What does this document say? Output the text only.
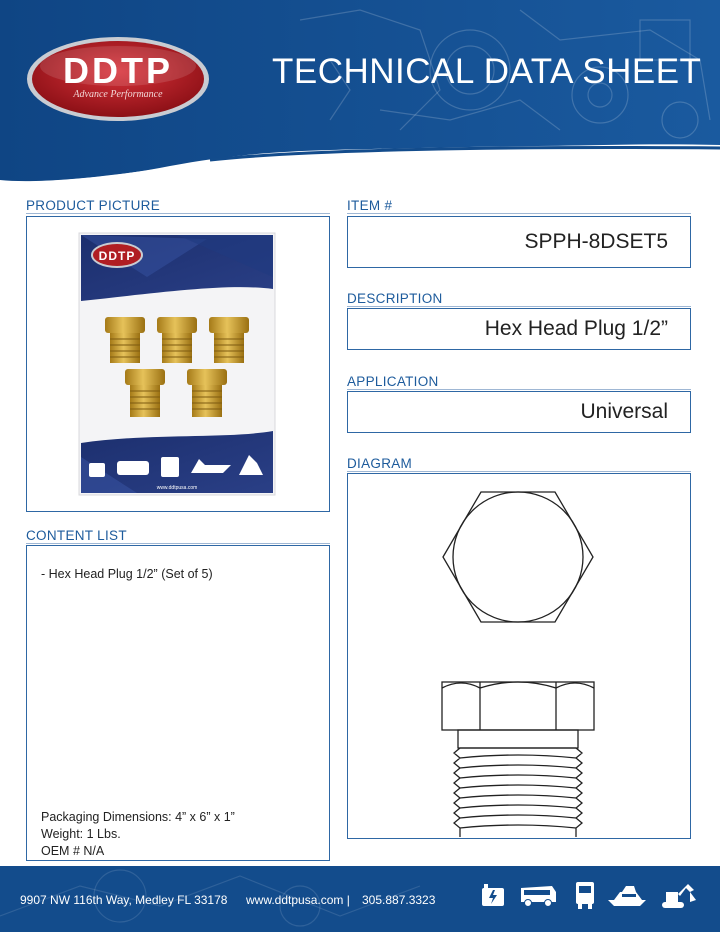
DDTP
Advance Performance
TECHNICAL DATA SHEET
PRODUCT PICTURE
DDTP
www.ddtpusa.com
ITEM #
SPPH-8DSET5
DESCRIPTION
Hex Head Plug 1/2”
APPLICATION
Universal
DIAGRAM
CONTENT LIST
- Hex Head Plug 1/2” (Set of 5)
Packaging Dimensions: 4” x 6” x 1”
Weight: 1 Lbs.
OEM # N/A
9907 NW 116th Way, Medley FL 33178 www.ddtpusa.com | 305.887.3323
